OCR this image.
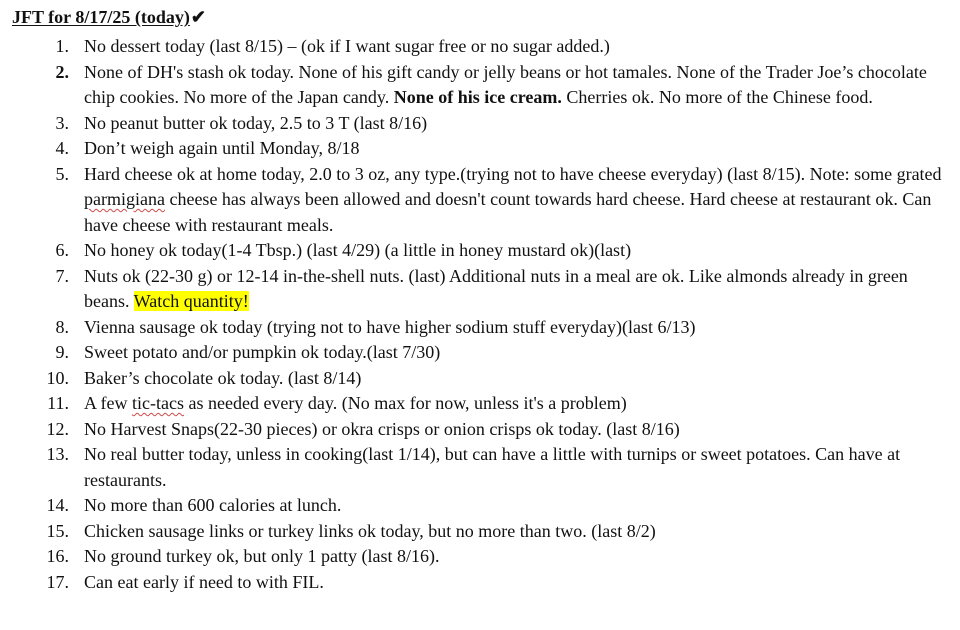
JFT for 8/17/25 (today)✔
1. No dessert today (last 8/15) – (ok if I want sugar free or no sugar added.)
2. None of DH's stash ok today. None of his gift candy or jelly beans or hot tamales. None of the Trader Joe’s chocolate chip cookies. No more of the Japan candy. None of his ice cream. Cherries ok. No more of the Chinese food.
3. No peanut butter ok today, 2.5 to 3 T (last 8/16)
4. Don’t weigh again until Monday, 8/18
5. Hard cheese ok at home today, 2.0 to 3 oz, any type.(trying not to have cheese everyday) (last 8/15). Note: some grated parmigiana cheese has always been allowed and doesn't count towards hard cheese. Hard cheese at restaurant ok. Can have cheese with restaurant meals.
6. No honey ok today(1-4 Tbsp.) (last 4/29) (a little in honey mustard ok)(last)
7. Nuts ok (22-30 g) or 12-14 in-the-shell nuts. (last) Additional nuts in a meal are ok. Like almonds already in green beans. Watch quantity!
8. Vienna sausage ok today (trying not to have higher sodium stuff everyday)(last 6/13)
9. Sweet potato and/or pumpkin ok today.(last 7/30)
10. Baker’s chocolate ok today. (last 8/14)
11. A few tic-tacs as needed every day. (No max for now, unless it's a problem)
12. No Harvest Snaps(22-30 pieces) or okra crisps or onion crisps ok today. (last 8/16)
13. No real butter today, unless in cooking(last 1/14), but can have a little with turnips or sweet potatoes. Can have at restaurants.
14. No more than 600 calories at lunch.
15. Chicken sausage links or turkey links ok today, but no more than two. (last 8/2)
16. No ground turkey ok, but only 1 patty (last 8/16).
17. Can eat early if need to with FIL.
